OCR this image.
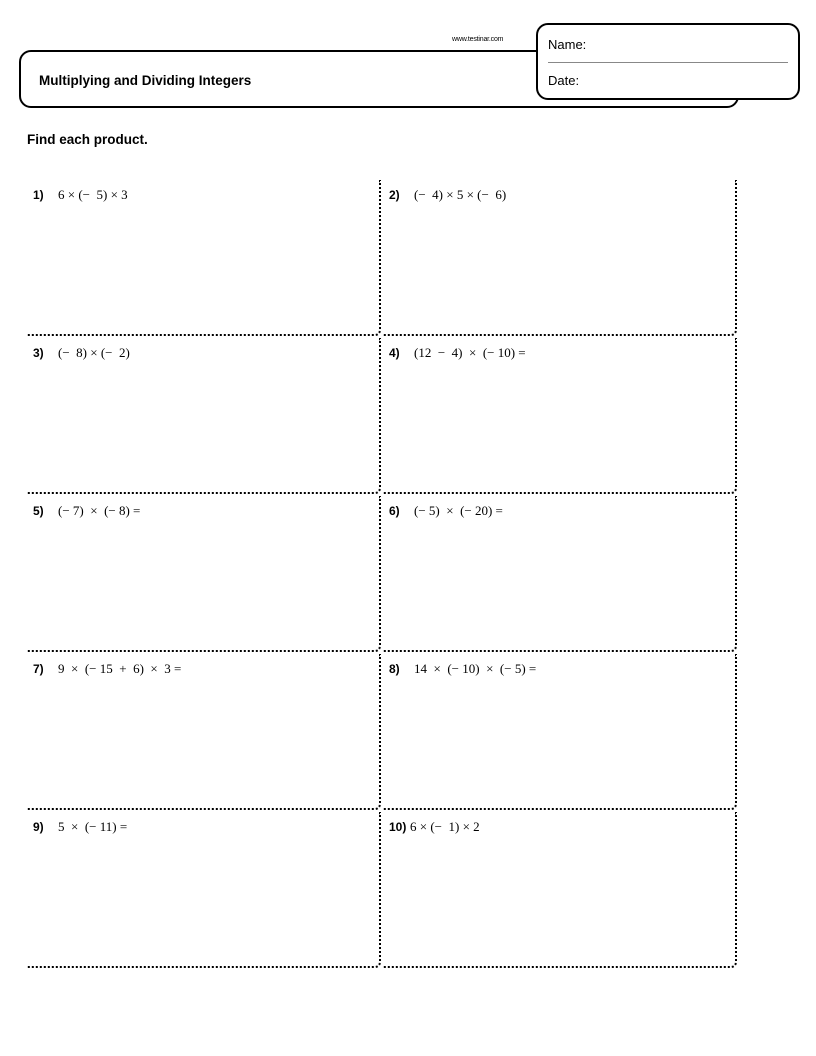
www.testinar.com
Multiplying and Dividing Integers
Name:
Date:
Find each product.
1) 6 × (−  5) × 3	2) (−  4) × 5 × (−  6)
3) (−  8) × (−  2)	4) (12  −  4)  ×  (− 10) =
5) (− 7)  ×  (− 8) =	6) (− 5)  ×  (− 20) =
7) 9  ×  (− 15  +  6)  ×  3 =	8) 14  ×  (− 10)  ×  (− 5) =
9) 5  ×  (− 11) =	10) 6 × (−  1) × 2
